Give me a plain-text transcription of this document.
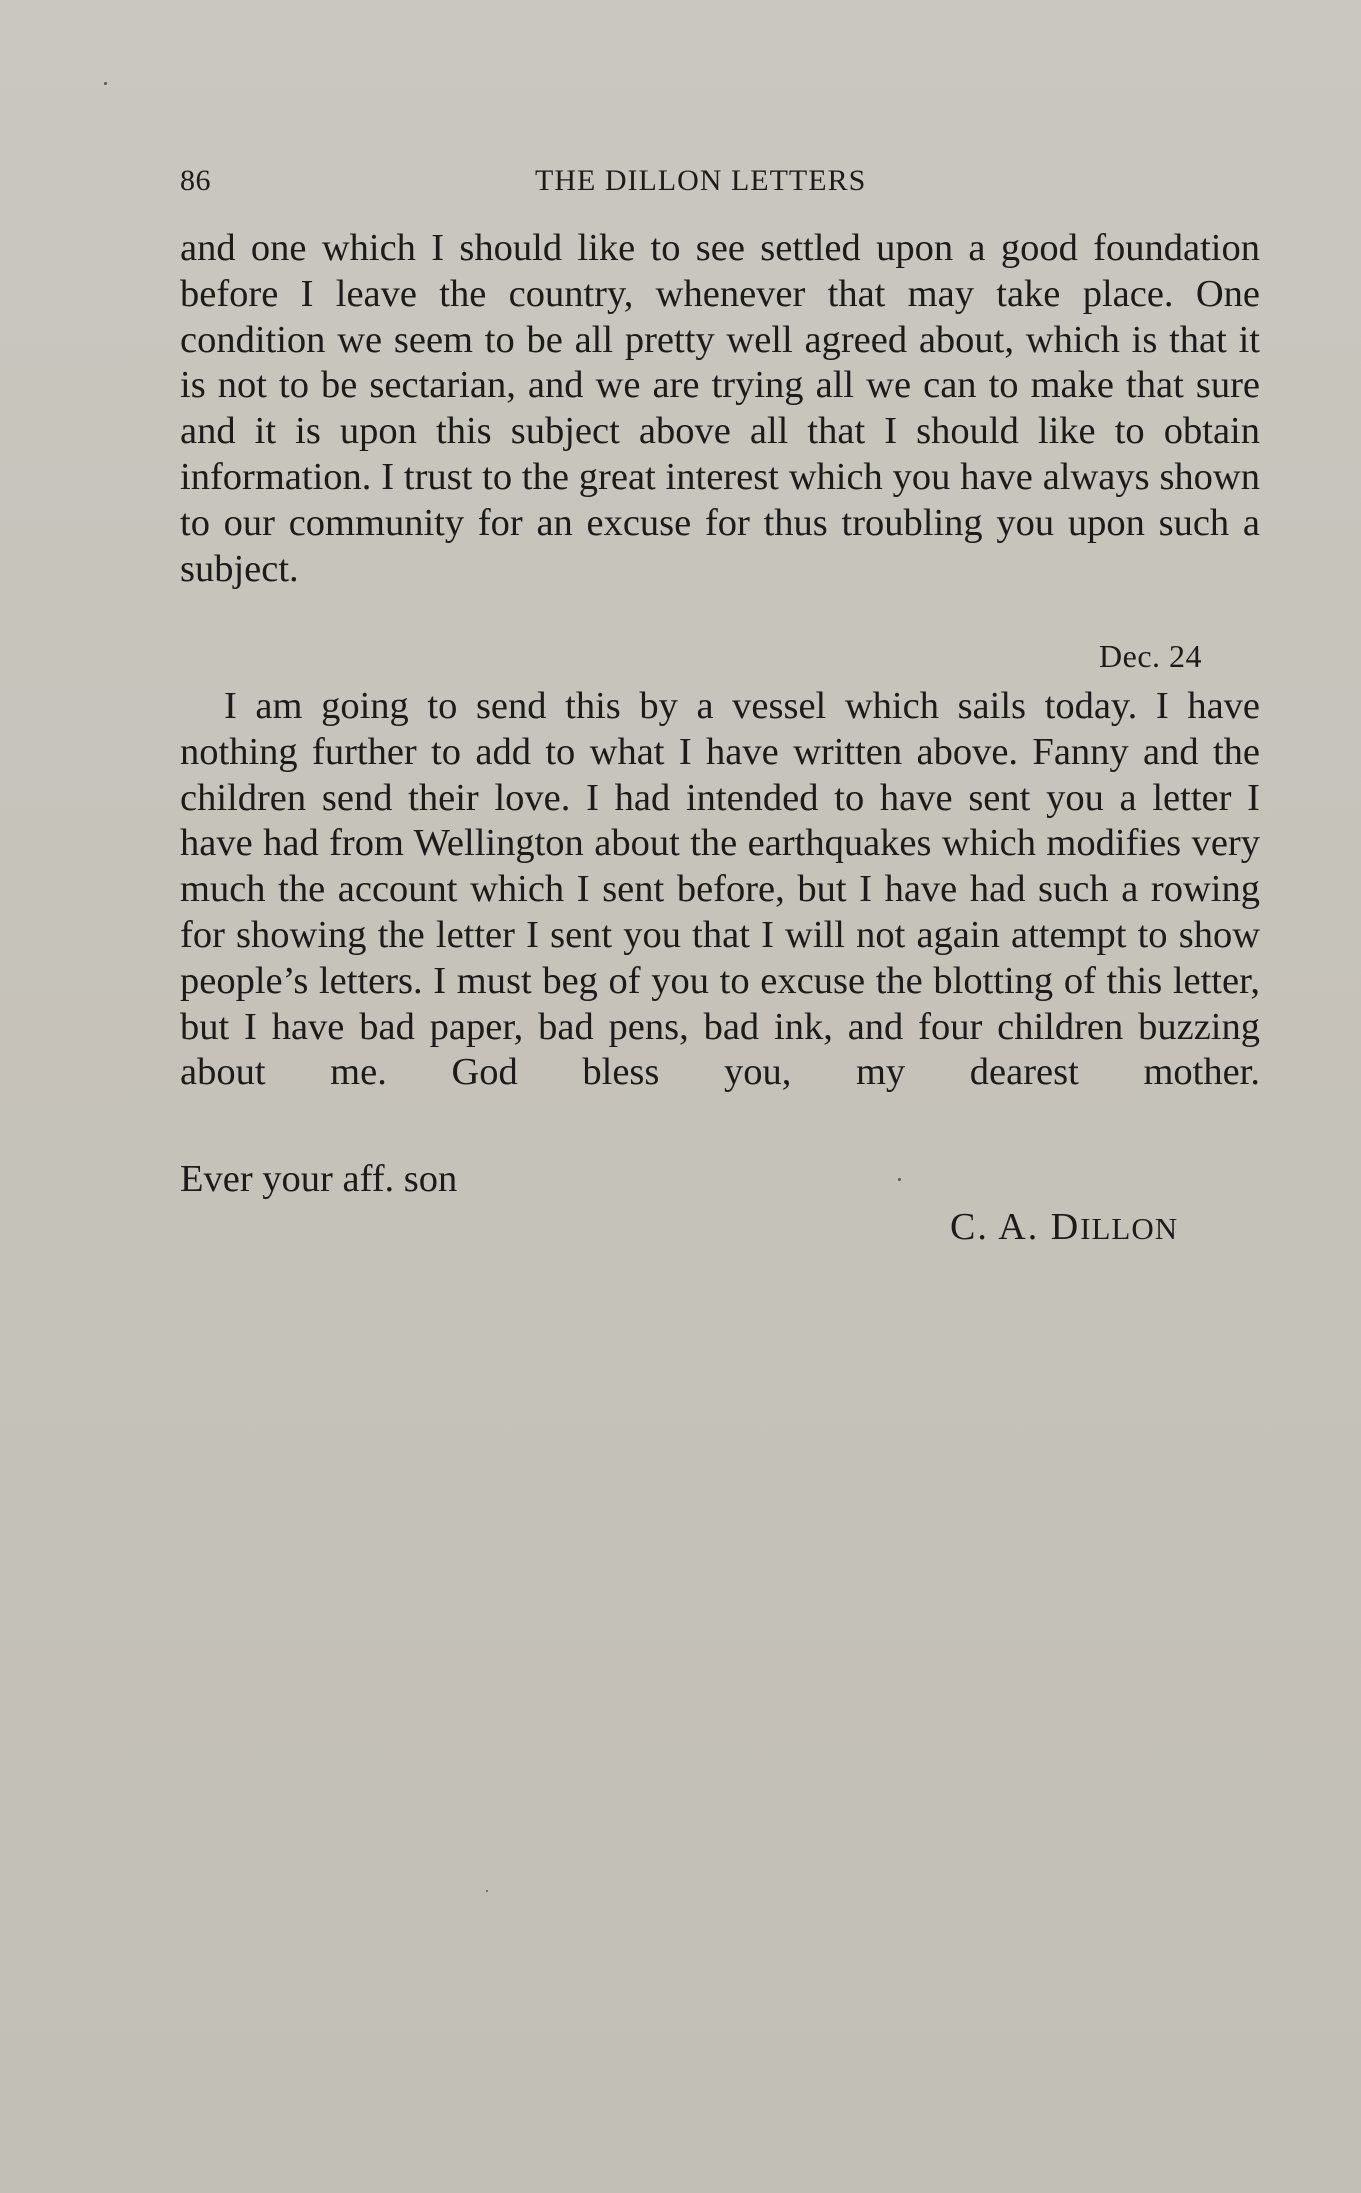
86	THE DILLON LETTERS

and one which I should like to see settled upon a good foundation before I leave the country, whenever that may take place. One condition we seem to be all pretty well agreed about, which is that it is not to be sectarian, and we are trying all we can to make that sure and it is upon this subject above all that I should like to obtain information. I trust to the great interest which you have always shown to our community for an excuse for thus troubling you upon such a subject.

Dec. 24

I am going to send this by a vessel which sails today. I have nothing further to add to what I have written above. Fanny and the children send their love. I had intended to have sent you a letter I have had from Wellington about the earthquakes which modifies very much the account which I sent before, but I have had such a rowing for showing the letter I sent you that I will not again attempt to show people’s letters. I must beg of you to excuse the blotting of this letter, but I have bad paper, bad pens, bad ink, and four children buzzing about me. God bless you, my dearest mother.

Ever your aff. son
C. A. DILLON
